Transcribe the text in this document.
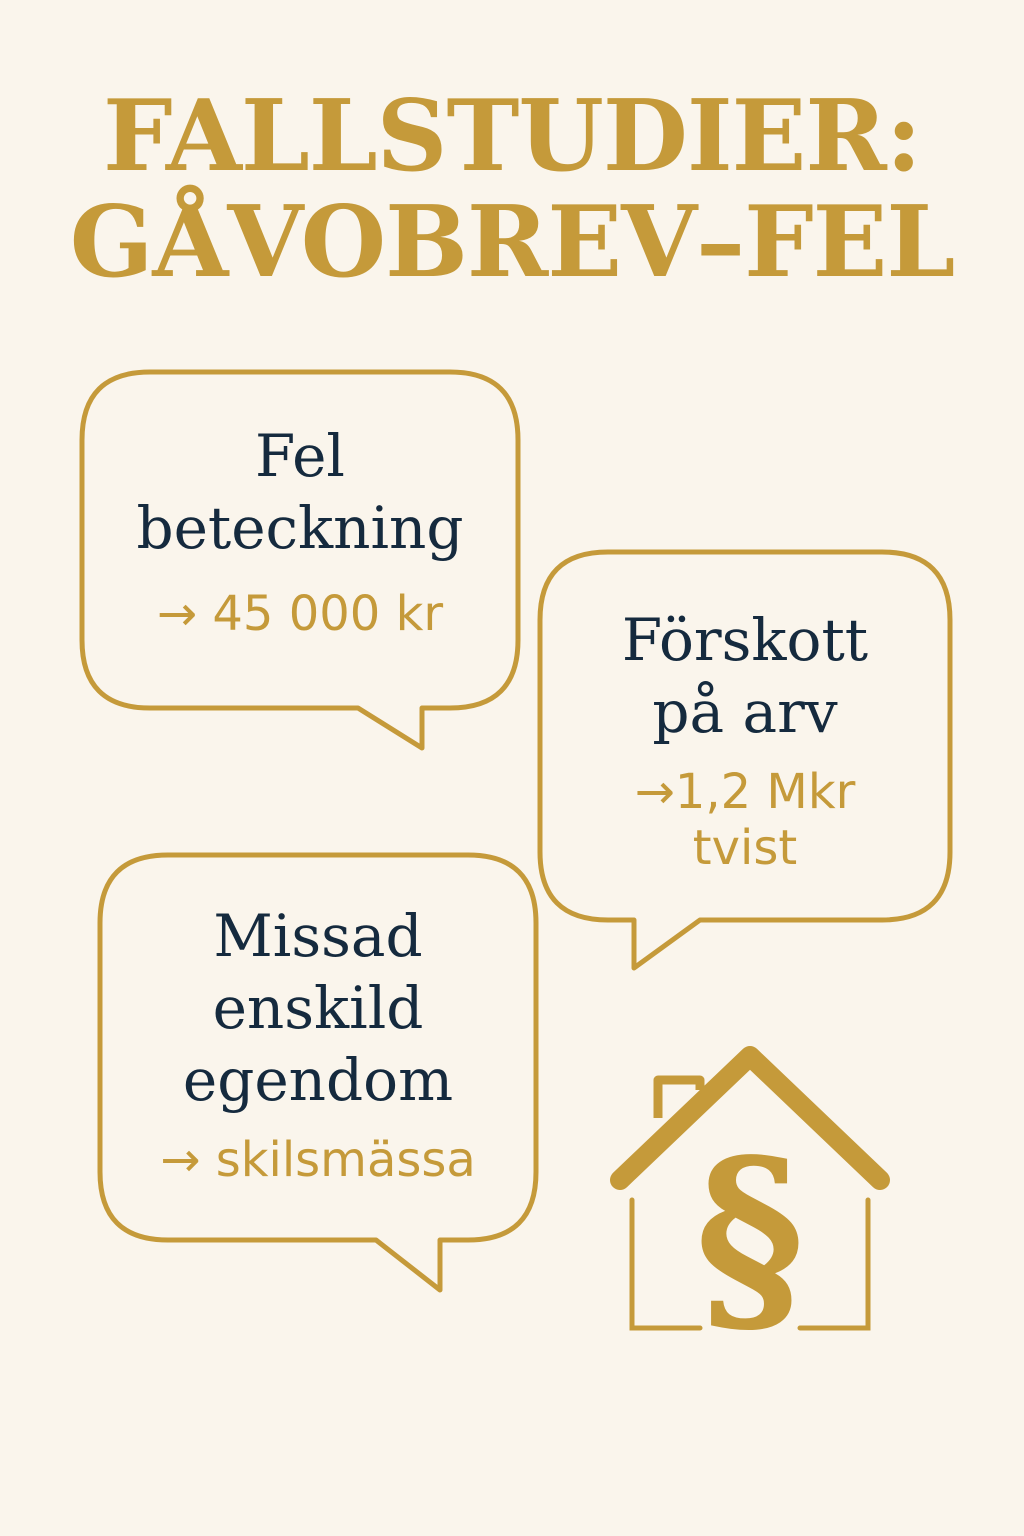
FALLSTUDIER:
GÅVOBREV–FEL
Fel
beteckning
→ 45 000 kr	Förskott
på arv
→1,2 Mkr
tvist
Missad
enskild
egendom
→ skilsmässa §
